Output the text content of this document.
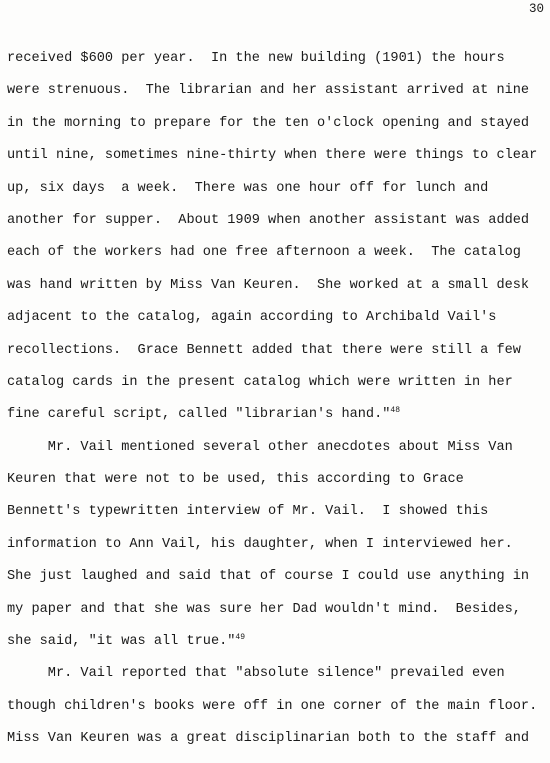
30
received $600 per year.  In the new building (1901) the hours
were strenuous.  The librarian and her assistant arrived at nine
in the morning to prepare for the ten o'clock opening and stayed
until nine, sometimes nine-thirty when there were things to clear
up, six days  a week.  There was one hour off for lunch and
another for supper.  About 1909 when another assistant was added
each of the workers had one free afternoon a week.  The catalog
was hand written by Miss Van Keuren.  She worked at a small desk
adjacent to the catalog, again according to Archibald Vail's
recollections.  Grace Bennett added that there were still a few
catalog cards in the present catalog which were written in her
fine careful script, called "librarian's hand."$^{48}$
Mr. Vail mentioned several other anecdotes about Miss Van
Keuren that were not to be used, this according to Grace
Bennett's typewritten interview of Mr. Vail.  I showed this
information to Ann Vail, his daughter, when I interviewed her.
She just laughed and said that of course I could use anything in
my paper and that she was sure her Dad wouldn't mind.  Besides,
she said, "it was all true."$^{49}$
Mr. Vail reported that "absolute silence" prevailed even
though children's books were off in one corner of the main floor.
Miss Van Keuren was a great disciplinarian both to the staff and
